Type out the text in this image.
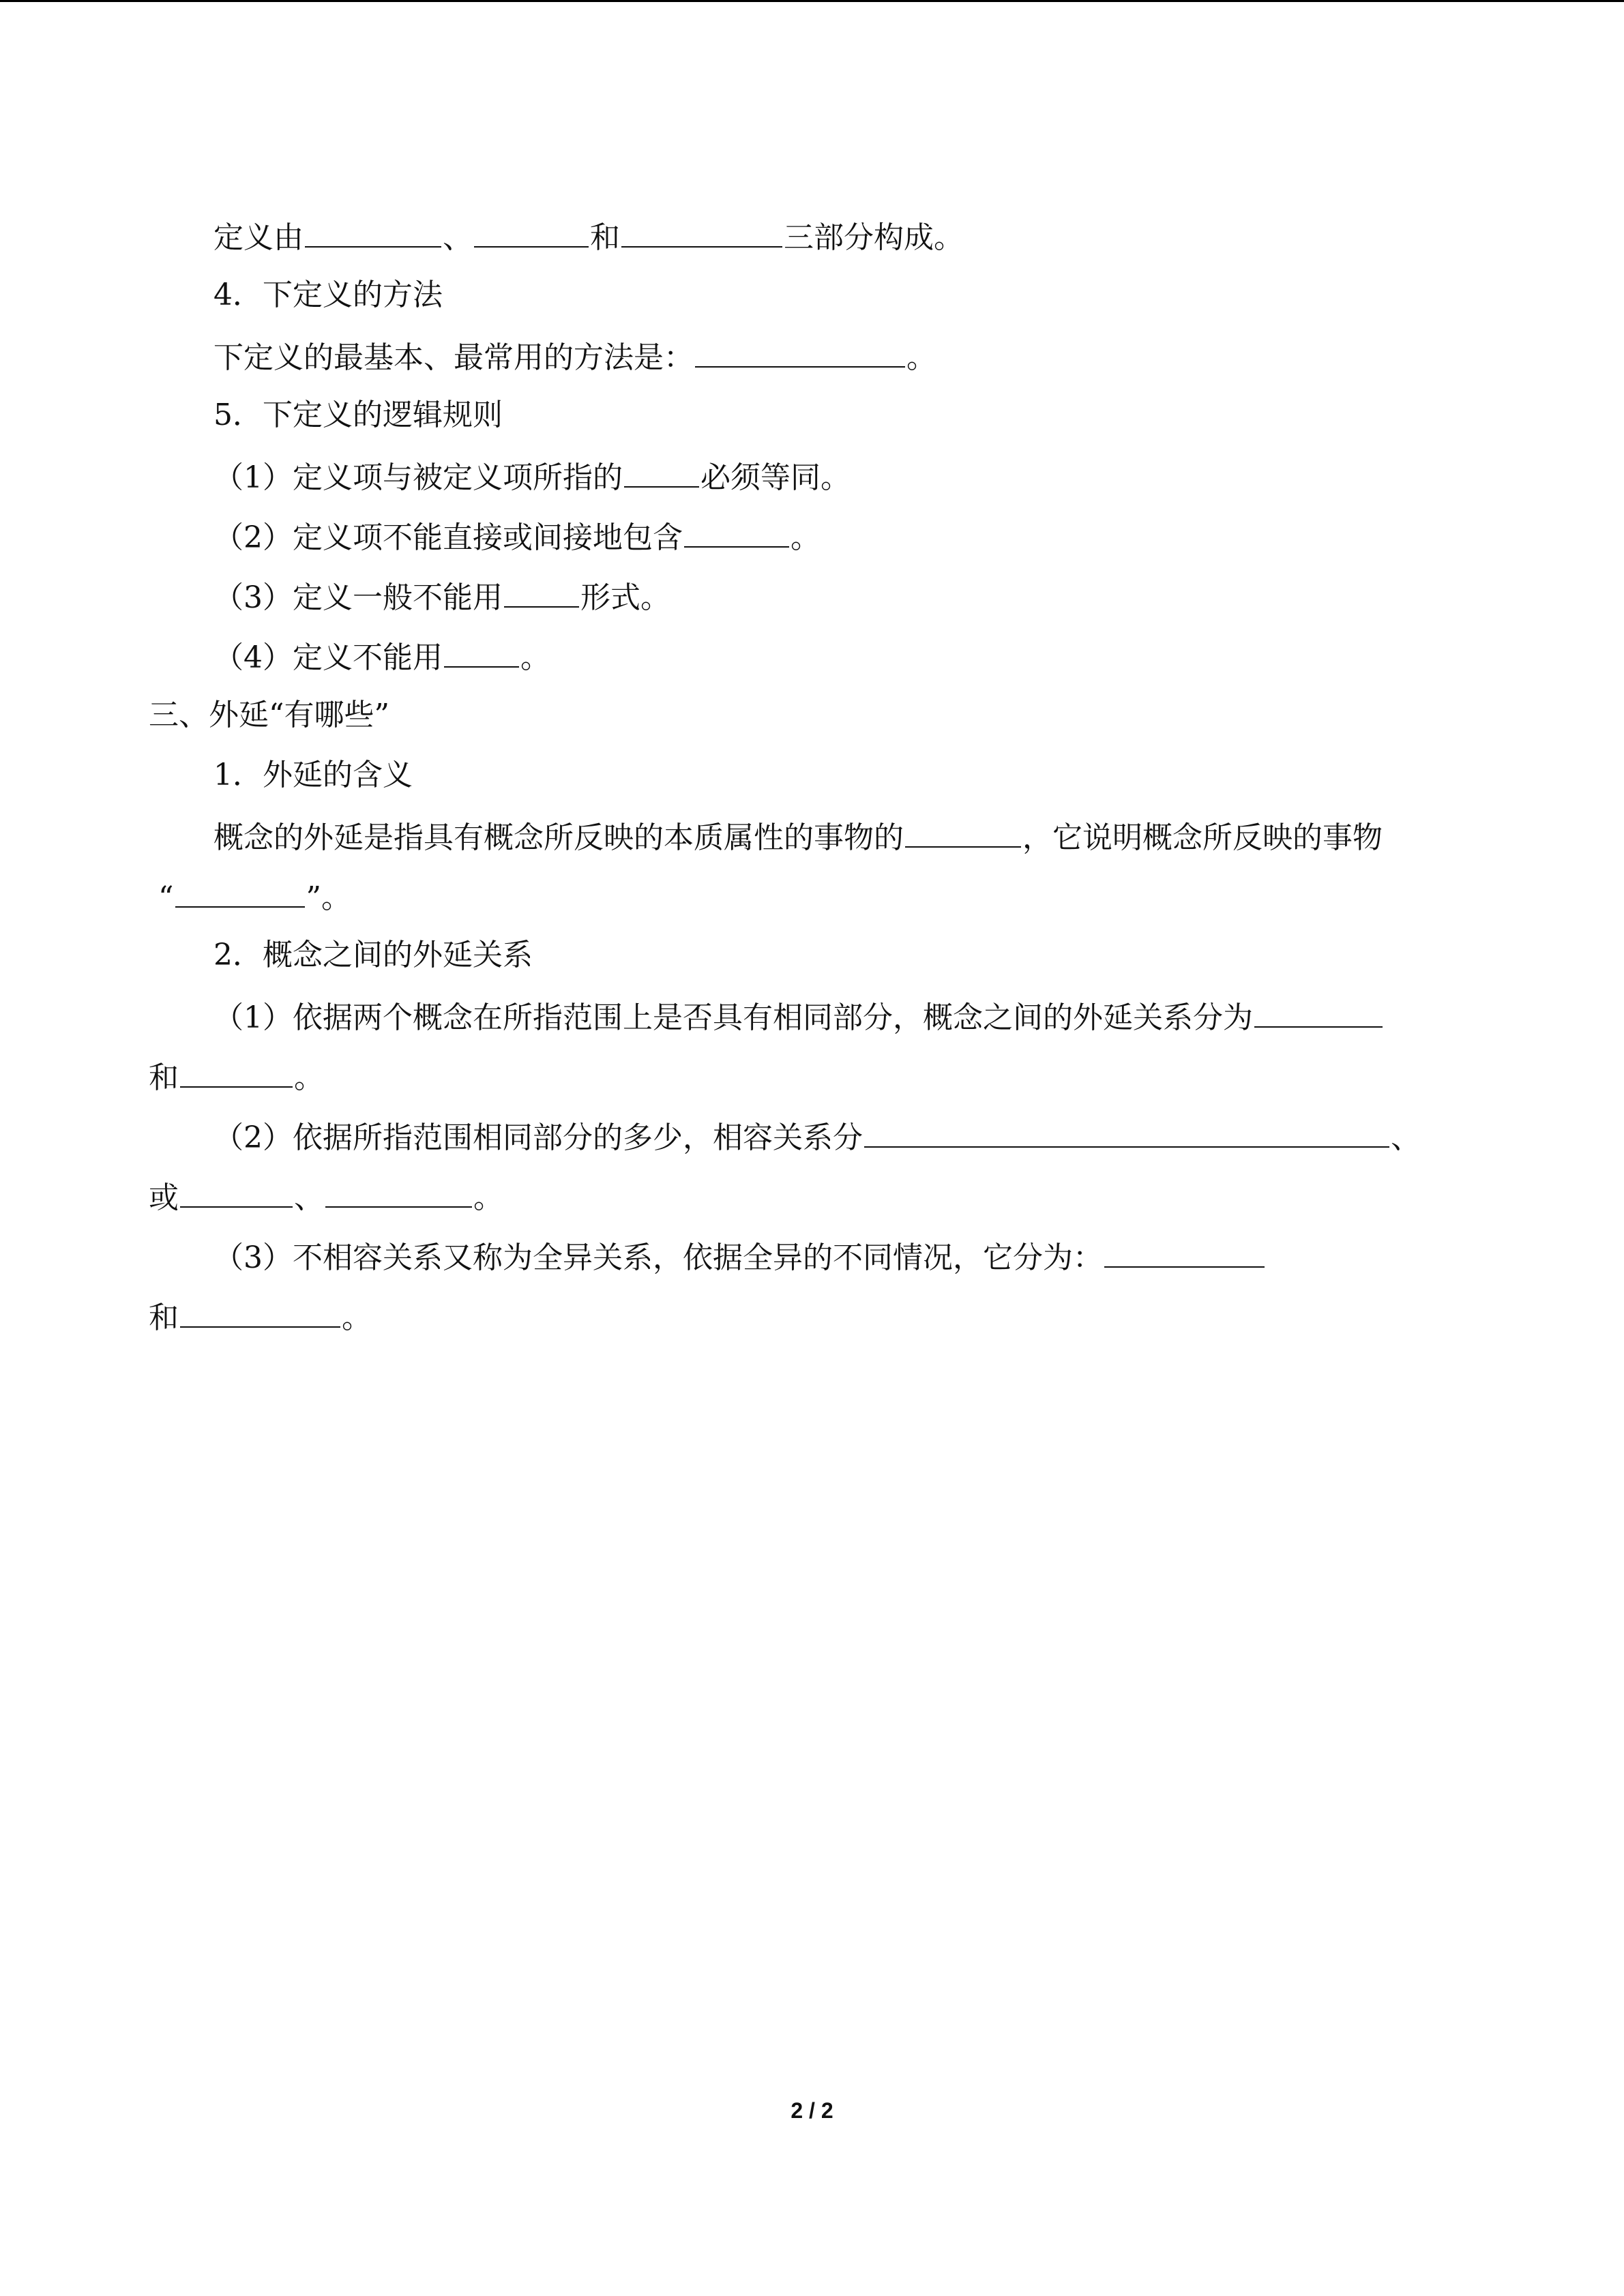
定义由	、	和	三部分构成。
4．下定义的方法
下定义的最基本、最常用的方法是：	。
5．下定义的逻辑规则
（1）定义项与被定义项所指的	必须等同。
（2）定义项不能直接或间接地包含	。
（3）定义一般不能用	形式。
（4）定义不能用	。
三、外延“有哪些”
1．外延的含义
概念的外延是指具有概念所反映的本质属性的事物的	，它说明概念所反映的事物
“	”。
2．概念之间的外延关系
（1）依据两个概念在所指范围上是否具有相同部分，概念之间的外延关系分为
和	。
（2）依据所指范围相同部分的多少，相容关系分	、
或	、	。
（3）不相容关系又称为全异关系，依据全异的不同情况，它分为：
和	。
2 / 2
